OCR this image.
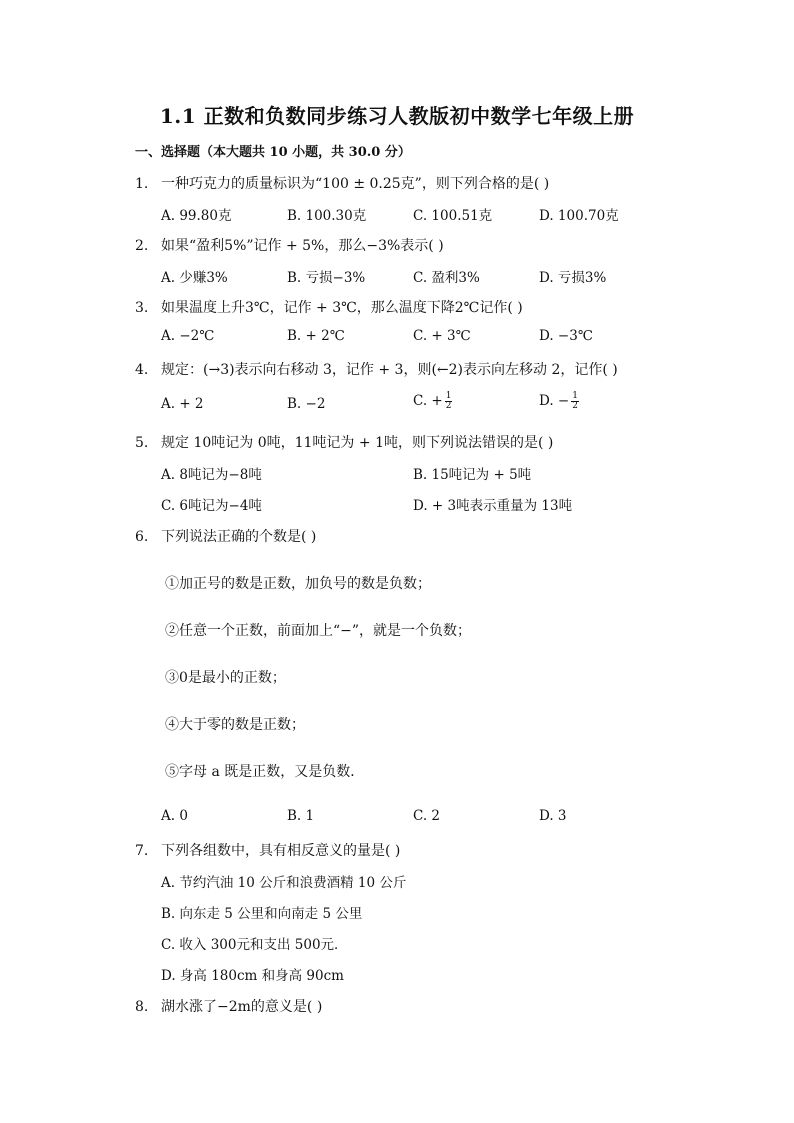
1.1 正数和负数同步练习人教版初中数学七年级上册
一、选择题（本大题共 10 小题，共 30.0 分）
1. 一种巧克力的质量标识为“100 ± 0.25克”，则下列合格的是( )
A. 99.80克	B. 100.30克	C. 100.51克	D. 100.70克
2. 如果“盈利5%”记作 + 5%，那么−3%表示( )
A. 少赚3%	B. 亏损−3%	C. 盈利3%	D. 亏损3%
3. 如果温度上升3℃，记作 + 3℃，那么温度下降2℃记作( )
A. −2℃	B. + 2℃	C. + 3℃	D. −3℃
4. 规定：(→3)表示向右移动 3，记作 + 3，则(←2)表示向左移动 2，记作( )
A. + 2	B. −2	C. + $\frac{1}{2}$	D. − $\frac{1}{2}$
5. 规定 10吨记为 0吨，11吨记为 + 1吨，则下列说法错误的是( )
A. 8吨记为−8吨	B. 15吨记为 + 5吨
C. 6吨记为−4吨	D. + 3吨表示重量为 13吨
6. 下列说法正确的个数是( )
①加正号的数是正数，加负号的数是负数；
②任意一个正数，前面加上“−”，就是一个负数；
③0是最小的正数；
④大于零的数是正数；
⑤字母 a 既是正数，又是负数．
A. 0	B. 1	C. 2	D. 3
7. 下列各组数中，具有相反意义的量是( )
A. 节约汽油 10 公斤和浪费酒精 10 公斤
B. 向东走 5 公里和向南走 5 公里
C. 收入 300元和支出 500元．
D. 身高 180cm 和身高 90cm
8. 湖水涨了−2m的意义是( )
